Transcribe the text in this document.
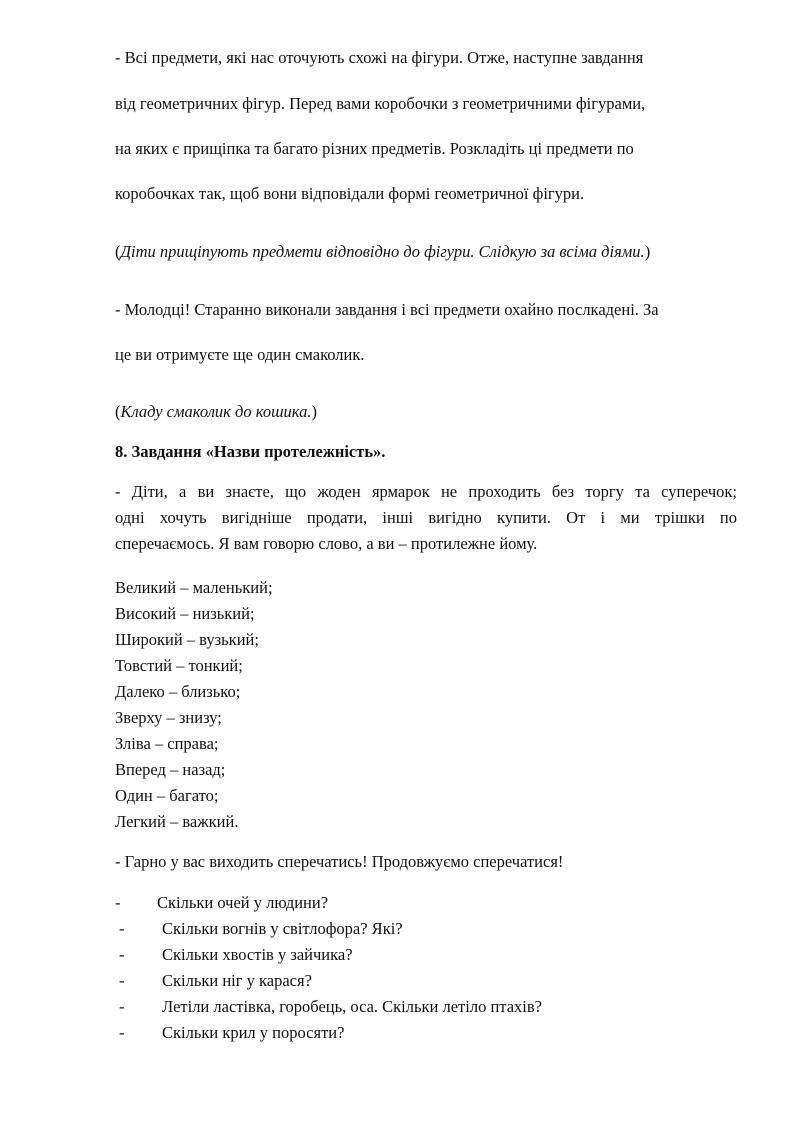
- Всі предмети, які нас оточують схожі на фігури. Отже, наступне завдання
від геометричних фігур. Перед вами коробочки з геометричними фігурами,
на яких є прищіпка та багато різних предметів. Розкладіть ці предмети по
коробочках так, щоб вони відповідали формі геометричної фігури.
(Діти прищіпують предмети відповідно до фігури. Слідкую за всіма діями.)
- Молодці! Старанно виконали завдання і всі предмети охайно послкадені. За
це ви отримуєте ще один смаколик.
(Кладу смаколик до кошика.)
8. Завдання «Назви протележність».
- Діти, а ви знаєте, що жоден ярмарок не проходить без торгу та суперечок;
одні хочуть вигідніше продати, інші вигідно купити. От і ми трішки по
сперечаємось. Я вам говорю слово, а ви – протилежне йому.
Великий – маленький;
Високий – низький;
Широкий – вузький;
Товстий – тонкий;
Далеко – близько;
Зверху – знизу;
Зліва – справа;
Вперед – назад;
Один – багато;
Легкий – важкий.
- Гарно у вас виходить сперечатись! Продовжуємо сперечатися!
- Скільки очей у людини?
- Скільки вогнів у світлофора? Які?
- Скільки хвостів у зайчика?
- Скільки ніг у карася?
- Летіли ластівка, горобець, оса. Скільки летіло птахів?
- Скільки крил у поросяти?
